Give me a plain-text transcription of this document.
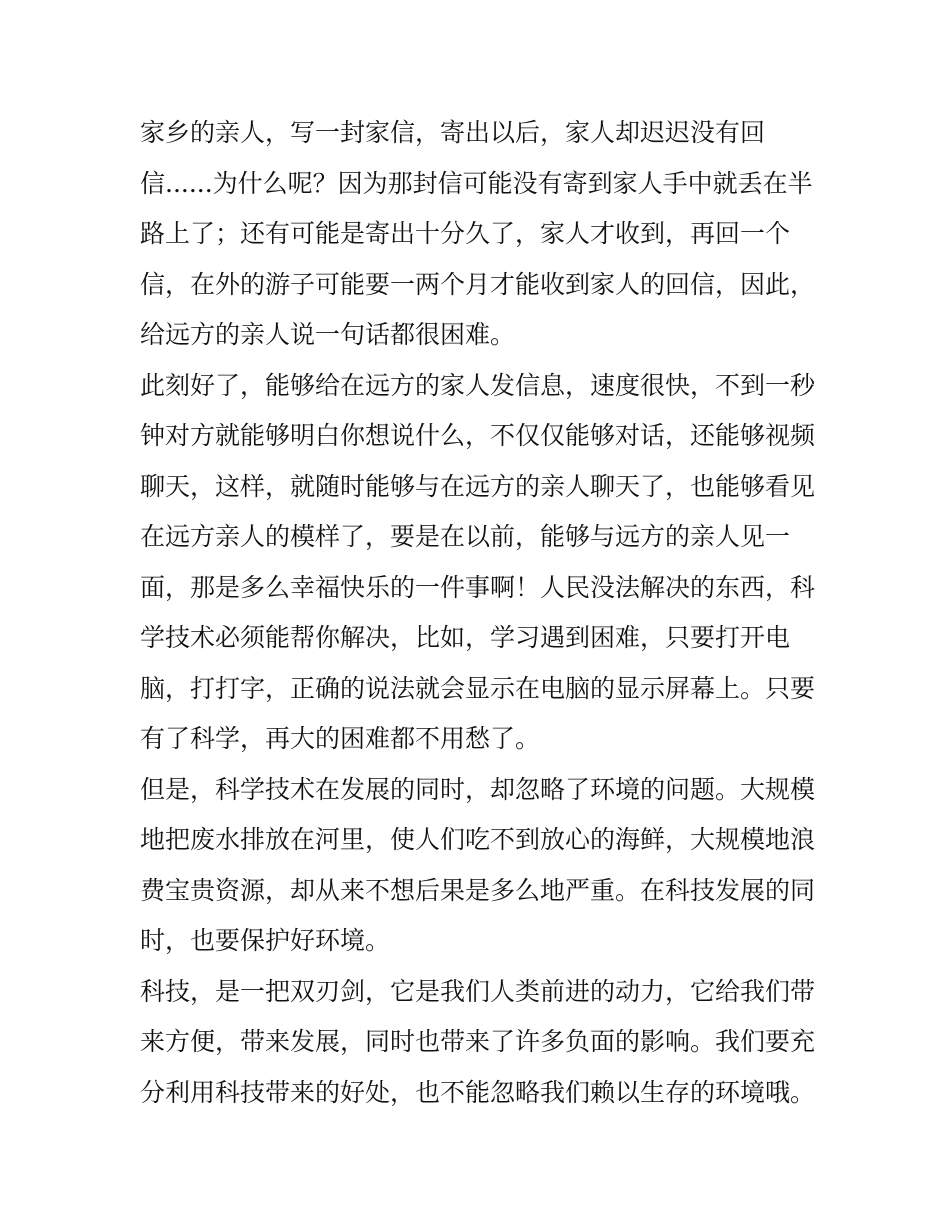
家乡的亲人，写一封家信，寄出以后，家人却迟迟没有回
信......为什么呢？因为那封信可能没有寄到家人手中就丢在半
路上了；还有可能是寄出十分久了，家人才收到，再回一个
信，在外的游子可能要一两个月才能收到家人的回信，因此，
给远方的亲人说一句话都很困难。
此刻好了，能够给在远方的家人发信息，速度很快，不到一秒
钟对方就能够明白你想说什么，不仅仅能够对话，还能够视频
聊天，这样，就随时能够与在远方的亲人聊天了，也能够看见
在远方亲人的模样了，要是在以前，能够与远方的亲人见一
面，那是多么幸福快乐的一件事啊！人民没法解决的东西，科
学技术必须能帮你解决，比如，学习遇到困难，只要打开电
脑，打打字，正确的说法就会显示在电脑的显示屏幕上。只要
有了科学，再大的困难都不用愁了。
但是，科学技术在发展的同时，却忽略了环境的问题。大规模
地把废水排放在河里，使人们吃不到放心的海鲜，大规模地浪
费宝贵资源，却从来不想后果是多么地严重。在科技发展的同
时，也要保护好环境。
科技，是一把双刃剑，它是我们人类前进的动力，它给我们带
来方便，带来发展，同时也带来了许多负面的影响。我们要充
分利用科技带来的好处，也不能忽略我们赖以生存的环境哦。
